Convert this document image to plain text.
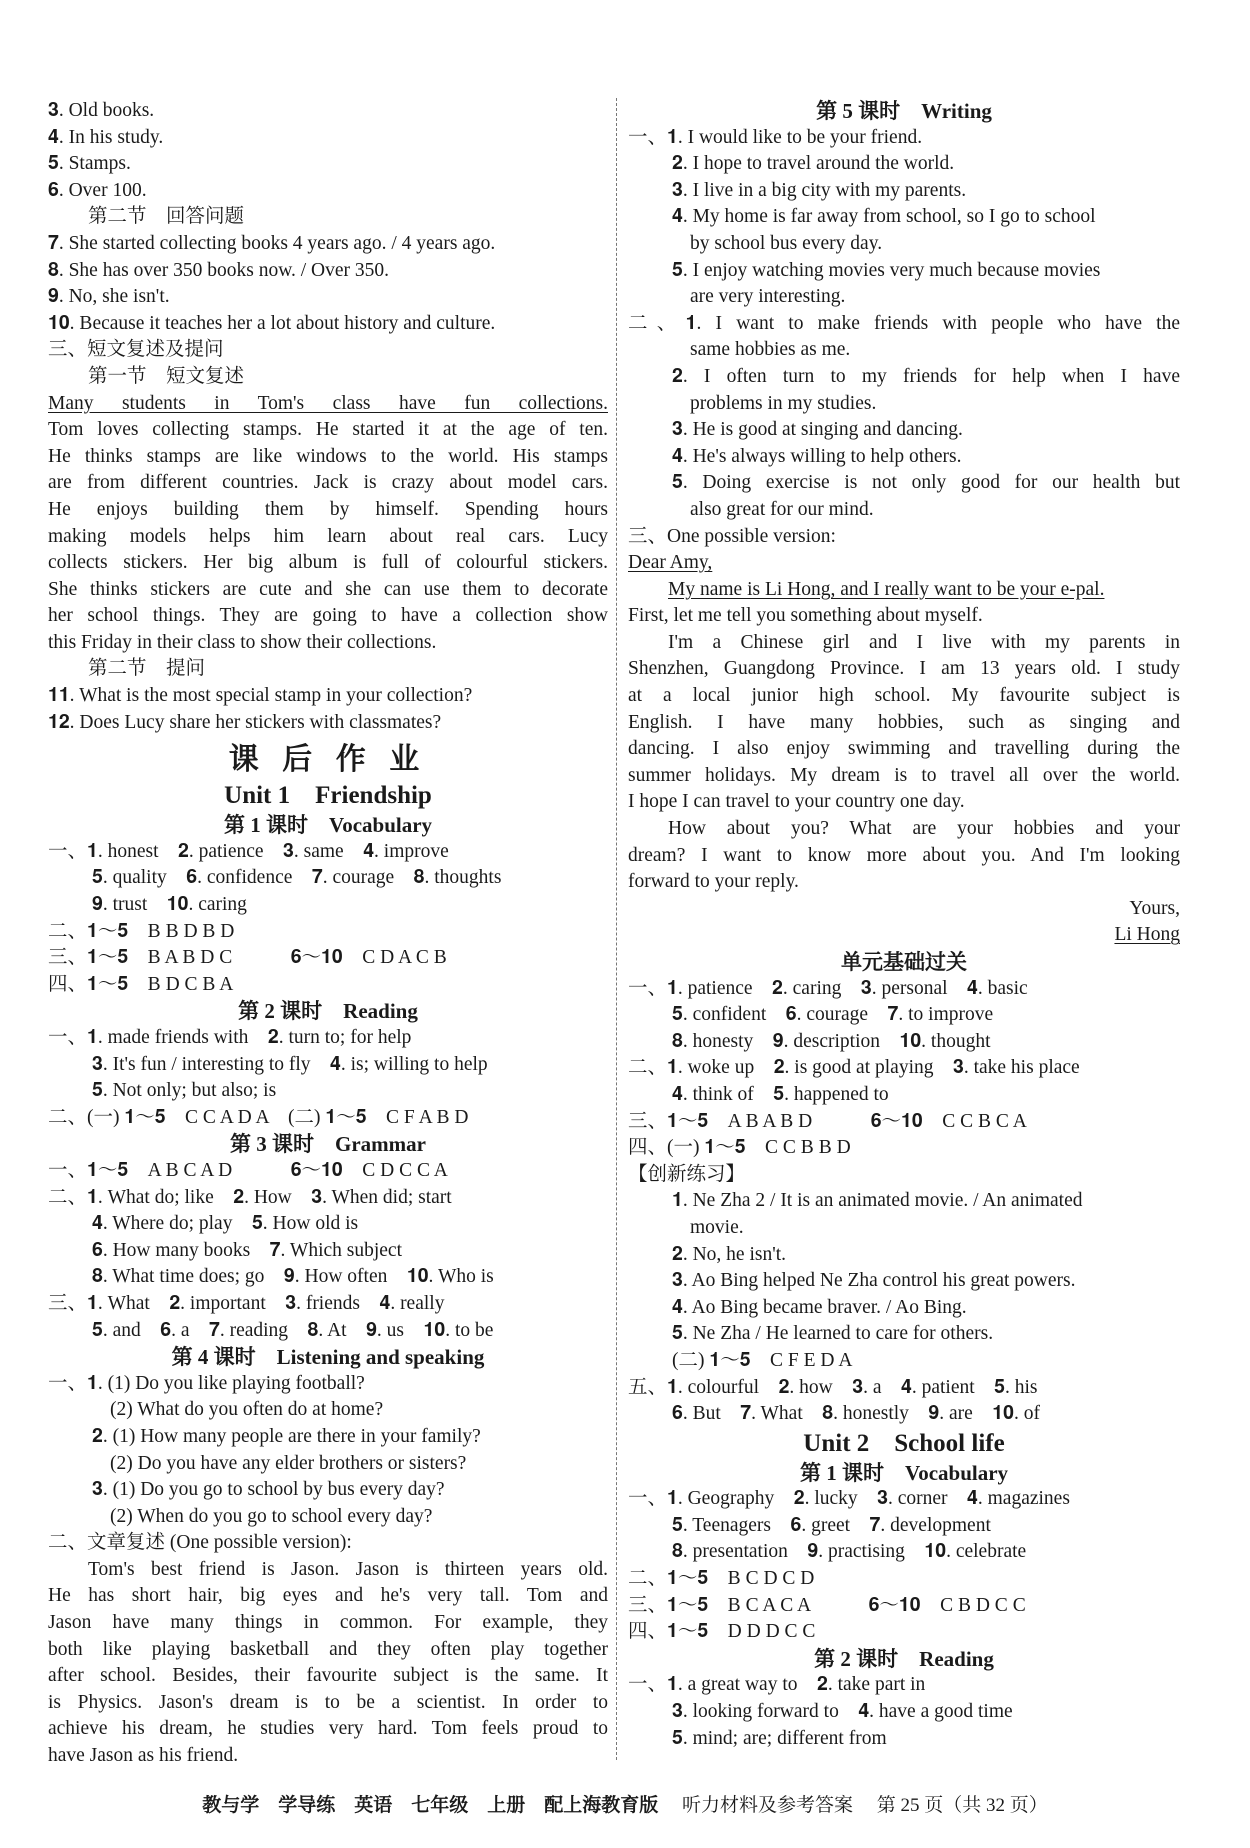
𝟑. Old books.
𝟒. In his study.
𝟓. Stamps.
𝟔. Over 100.
第二节　回答问题
𝟕. She started collecting books 4 years ago. / 4 years ago.
𝟖. She has over 350 books now. / Over 350.
𝟗. No, she isn't.
𝟏𝟎. Because it teaches her a lot about history and culture.
三、短文复述及提问
第一节　短文复述
Many students in Tom's class have fun collections.
Tom loves collecting stamps. He started it at the age of ten.
He thinks stamps are like windows to the world. His stamps
are from different countries. Jack is crazy about model cars.
He enjoys building them by himself. Spending hours
making models helps him learn about real cars. Lucy
collects stickers. Her big album is full of colourful stickers.
She thinks stickers are cute and she can use them to decorate
her school things. They are going to have a collection show
this Friday in their class to show their collections.
第二节　提问
𝟏𝟏. What is the most special stamp in your collection?
𝟏𝟐. Does Lucy share her stickers with classmates?
课 后 作 业
Unit 1　Friendship
第 1 课时　Vocabulary
一、𝟏. honest　𝟐. patience　𝟑. same　𝟒. improve
𝟓. quality　𝟔. confidence　𝟕. courage　𝟖. thoughts
𝟗. trust　𝟏𝟎. caring
二、𝟏～𝟓　B B D B D
三、𝟏～𝟓　B A B D C　　　𝟔～𝟏𝟎　C D A C B
四、𝟏～𝟓　B D C B A
第 2 课时　Reading
一、𝟏. made friends with　𝟐. turn to; for help
𝟑. It's fun / interesting to fly　𝟒. is; willing to help
𝟓. Not only; but also; is
二、(一) 𝟏～𝟓　C C A D A　(二) 𝟏～𝟓　C F A B D
第 3 课时　Grammar
一、𝟏～𝟓　A B C A D　　　𝟔～𝟏𝟎　C D C C A
二、𝟏. What do; like　𝟐. How　𝟑. When did; start
𝟒. Where do; play　𝟓. How old is
𝟔. How many books　𝟕. Which subject
𝟖. What time does; go　𝟗. How often　𝟏𝟎. Who is
三、𝟏. What　𝟐. important　𝟑. friends　𝟒. really
𝟓. and　𝟔. a　𝟕. reading　𝟖. At　𝟗. us　𝟏𝟎. to be
第 4 课时　Listening and speaking
一、𝟏. (1) Do you like playing football?
(2) What do you often do at home?
𝟐. (1) How many people are there in your family?
(2) Do you have any elder brothers or sisters?
𝟑. (1) Do you go to school by bus every day?
(2) When do you go to school every day?
二、文章复述 (One possible version):
Tom's best friend is Jason. Jason is thirteen years old.
He has short hair, big eyes and he's very tall. Tom and
Jason have many things in common. For example, they
both like playing basketball and they often play together
after school. Besides, their favourite subject is the same. It
is Physics. Jason's dream is to be a scientist. In order to
achieve his dream, he studies very hard. Tom feels proud to
have Jason as his friend.
第 5 课时　Writing
一、𝟏. I would like to be your friend.
𝟐. I hope to travel around the world.
𝟑. I live in a big city with my parents.
𝟒. My home is far away from school, so I go to school
by school bus every day.
𝟓. I enjoy watching movies very much because movies
are very interesting.
二、𝟏. I want to make friends with people who have the
same hobbies as me.
𝟐. I often turn to my friends for help when I have
problems in my studies.
𝟑. He is good at singing and dancing.
𝟒. He's always willing to help others.
𝟓. Doing exercise is not only good for our health but
also great for our mind.
三、One possible version:
Dear Amy,
My name is Li Hong, and I really want to be your e-pal.
First, let me tell you something about myself.
I'm a Chinese girl and I live with my parents in
Shenzhen, Guangdong Province. I am 13 years old. I study
at a local junior high school. My favourite subject is
English. I have many hobbies, such as singing and
dancing. I also enjoy swimming and travelling during the
summer holidays. My dream is to travel all over the world.
I hope I can travel to your country one day.
How about you? What are your hobbies and your
dream? I want to know more about you. And I'm looking
forward to your reply.
Yours,
Li Hong
单元基础过关
一、𝟏. patience　𝟐. caring　𝟑. personal　𝟒. basic
𝟓. confident　𝟔. courage　𝟕. to improve
𝟖. honesty　𝟗. description　𝟏𝟎. thought
二、𝟏. woke up　𝟐. is good at playing　𝟑. take his place
𝟒. think of　𝟓. happened to
三、𝟏～𝟓　A B A B D　　　𝟔～𝟏𝟎　C C B C A
四、(一) 𝟏～𝟓　C C B B D
【创新练习】
𝟏. Ne Zha 2 / It is an animated movie. / An animated
movie.
𝟐. No, he isn't.
𝟑. Ao Bing helped Ne Zha control his great powers.
𝟒. Ao Bing became braver. / Ao Bing.
𝟓. Ne Zha / He learned to care for others.
(二) 𝟏～𝟓　C F E D A
五、𝟏. colourful　𝟐. how　𝟑. a　𝟒. patient　𝟓. his
𝟔. But　𝟕. What　𝟖. honestly　𝟗. are　𝟏𝟎. of
Unit 2　School life
第 1 课时　Vocabulary
一、𝟏. Geography　𝟐. lucky　𝟑. corner　𝟒. magazines
𝟓. Teenagers　𝟔. greet　𝟕. development
𝟖. presentation　𝟗. practising　𝟏𝟎. celebrate
二、𝟏～𝟓　B C D C D
三、𝟏～𝟓　B C A C A　　　𝟔～𝟏𝟎　C B D C C
四、𝟏～𝟓　D D D C C
第 2 课时　Reading
一、𝟏. a great way to　𝟐. take part in
𝟑. looking forward to　𝟒. have a good time
𝟓. mind; are; different from
教与学　学导练　英语　七年级　上册　配上海教育版　 听力材料及参考答案　 第 25 页（共 32 页）
